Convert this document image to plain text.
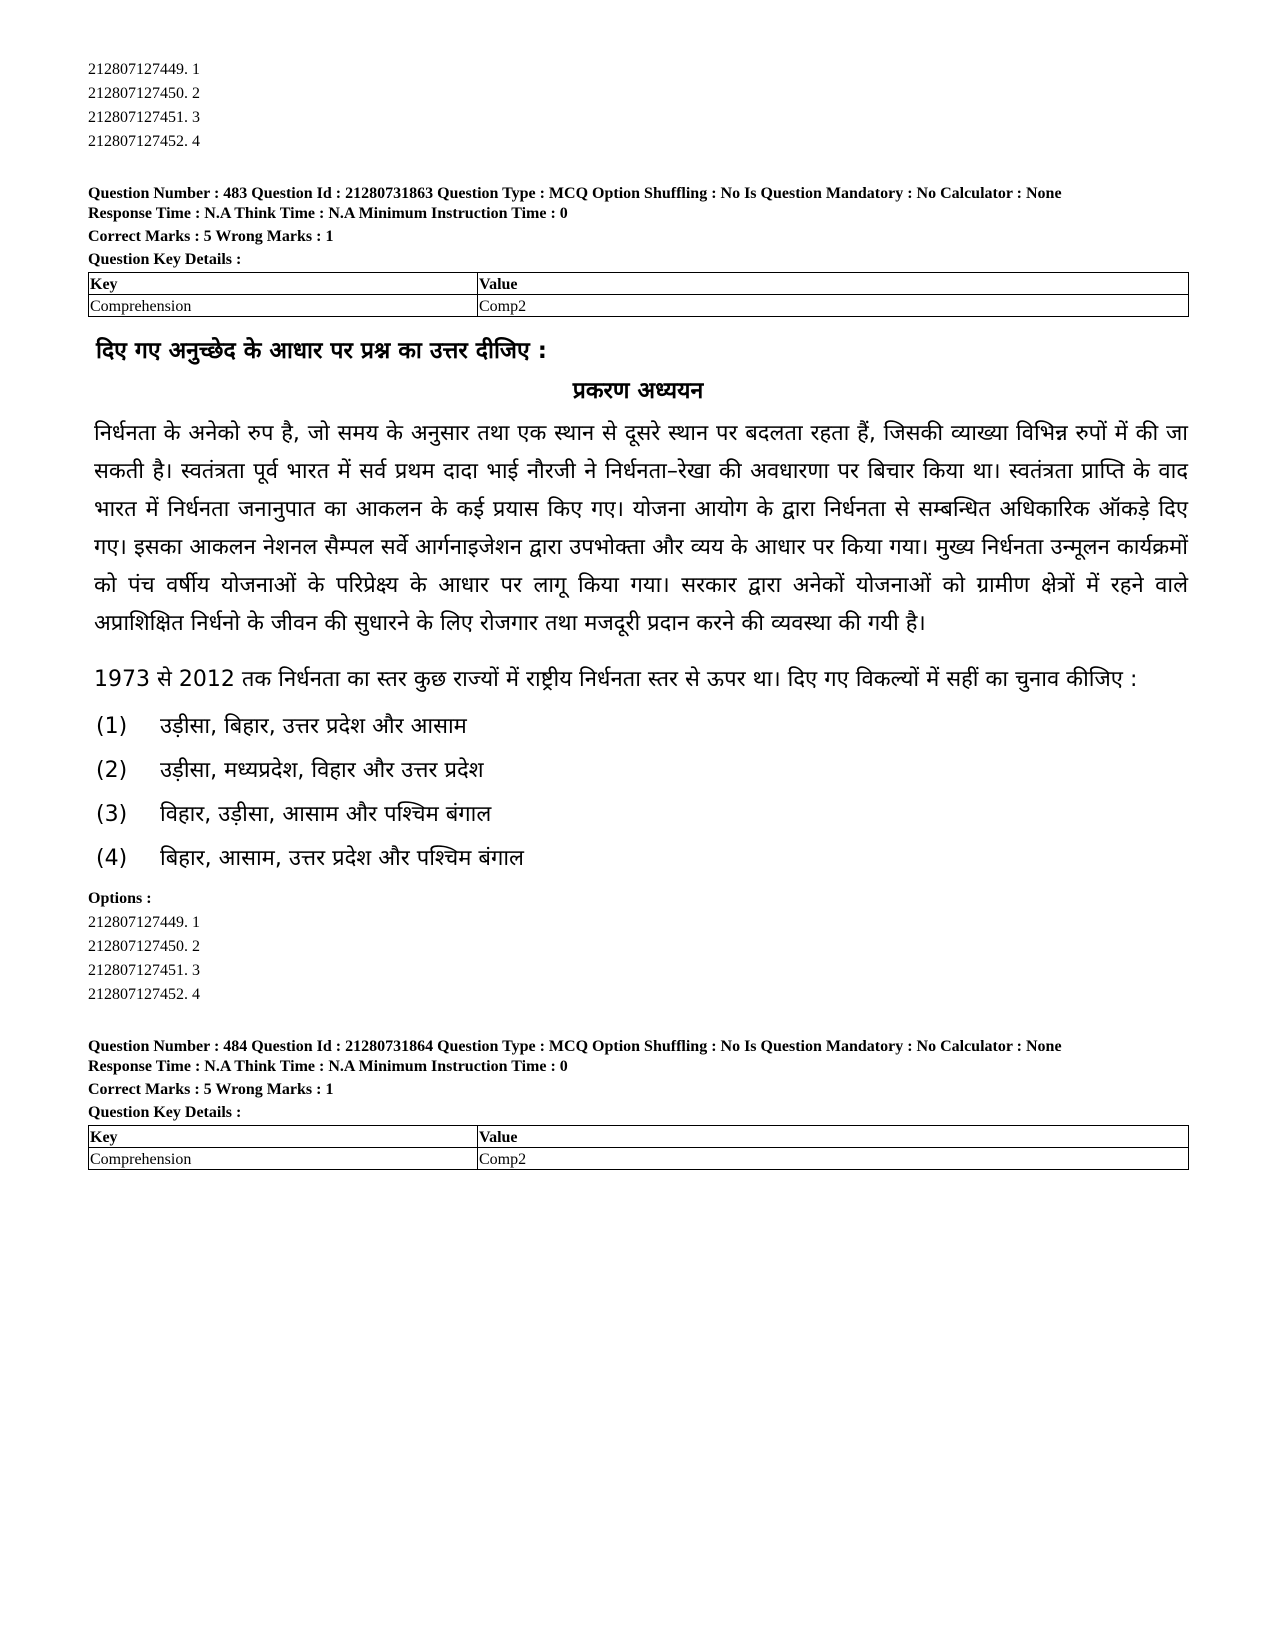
212807127449. 1
212807127450. 2
212807127451. 3
212807127452. 4
Question Number : 483 Question Id : 21280731863 Question Type : MCQ Option Shuffling : No Is Question Mandatory : No Calculator : None
Response Time : N.A Think Time : N.A Minimum Instruction Time : 0
Correct Marks : 5 Wrong Marks : 1
Question Key Details :
Key	Value
Comprehension	Comp2
दिए गए अनुच्छेद के आधार पर प्रश्न का उत्तर दीजिए :
प्रकरण अध्ययन
निर्धनता के अनेको रुप है, जो समय के अनुसार तथा एक स्थान से दूसरे स्थान पर बदलता रहता हैं, जिसकी व्याख्या विभिन्न रुपों में की जा सकती है। स्वतंत्रता पूर्व भारत में सर्व प्रथम दादा भाई नौरजी ने निर्धनता–रेखा की अवधारणा पर बिचार किया था। स्वतंत्रता प्राप्ति के वाद भारत में निर्धनता जनानुपात का आकलन के कई प्रयास किए गए। योजना आयोग के द्वारा निर्धनता से सम्बन्धित अधिकारिक ऑकड़े दिए गए। इसका आकलन नेशनल सैम्पल सर्वे आर्गनाइजेशन द्वारा उपभोक्ता और व्यय के आधार पर किया गया। मुख्य निर्धनता उन्मूलन कार्यक्रमों को पंच वर्षीय योजनाओं के परिप्रेक्ष्य के आधार पर लागू किया गया। सरकार द्वारा अनेकों योजनाओं को ग्रामीण क्षेत्रों में रहने वाले अप्राशिक्षित निर्धनो के जीवन की सुधारने के लिए रोजगार तथा मजदूरी प्रदान करने की व्यवस्था की गयी है।
1973 से 2012 तक निर्धनता का स्तर कुछ राज्यों में राष्ट्रीय निर्धनता स्तर से ऊपर था। दिए गए विकल्यों में सहीं का चुनाव कीजिए :
(1)	उड़ीसा, बिहार, उत्तर प्रदेश और आसाम
(2)	उड़ीसा, मध्यप्रदेश, विहार और उत्तर प्रदेश
(3)	विहार, उड़ीसा, आसाम और पश्चिम बंगाल
(4)	बिहार, आसाम, उत्तर प्रदेश और पश्चिम बंगाल
Options :
212807127449. 1
212807127450. 2
212807127451. 3
212807127452. 4
Question Number : 484 Question Id : 21280731864 Question Type : MCQ Option Shuffling : No Is Question Mandatory : No Calculator : None
Response Time : N.A Think Time : N.A Minimum Instruction Time : 0
Correct Marks : 5 Wrong Marks : 1
Question Key Details :
Key	Value
Comprehension	Comp2
